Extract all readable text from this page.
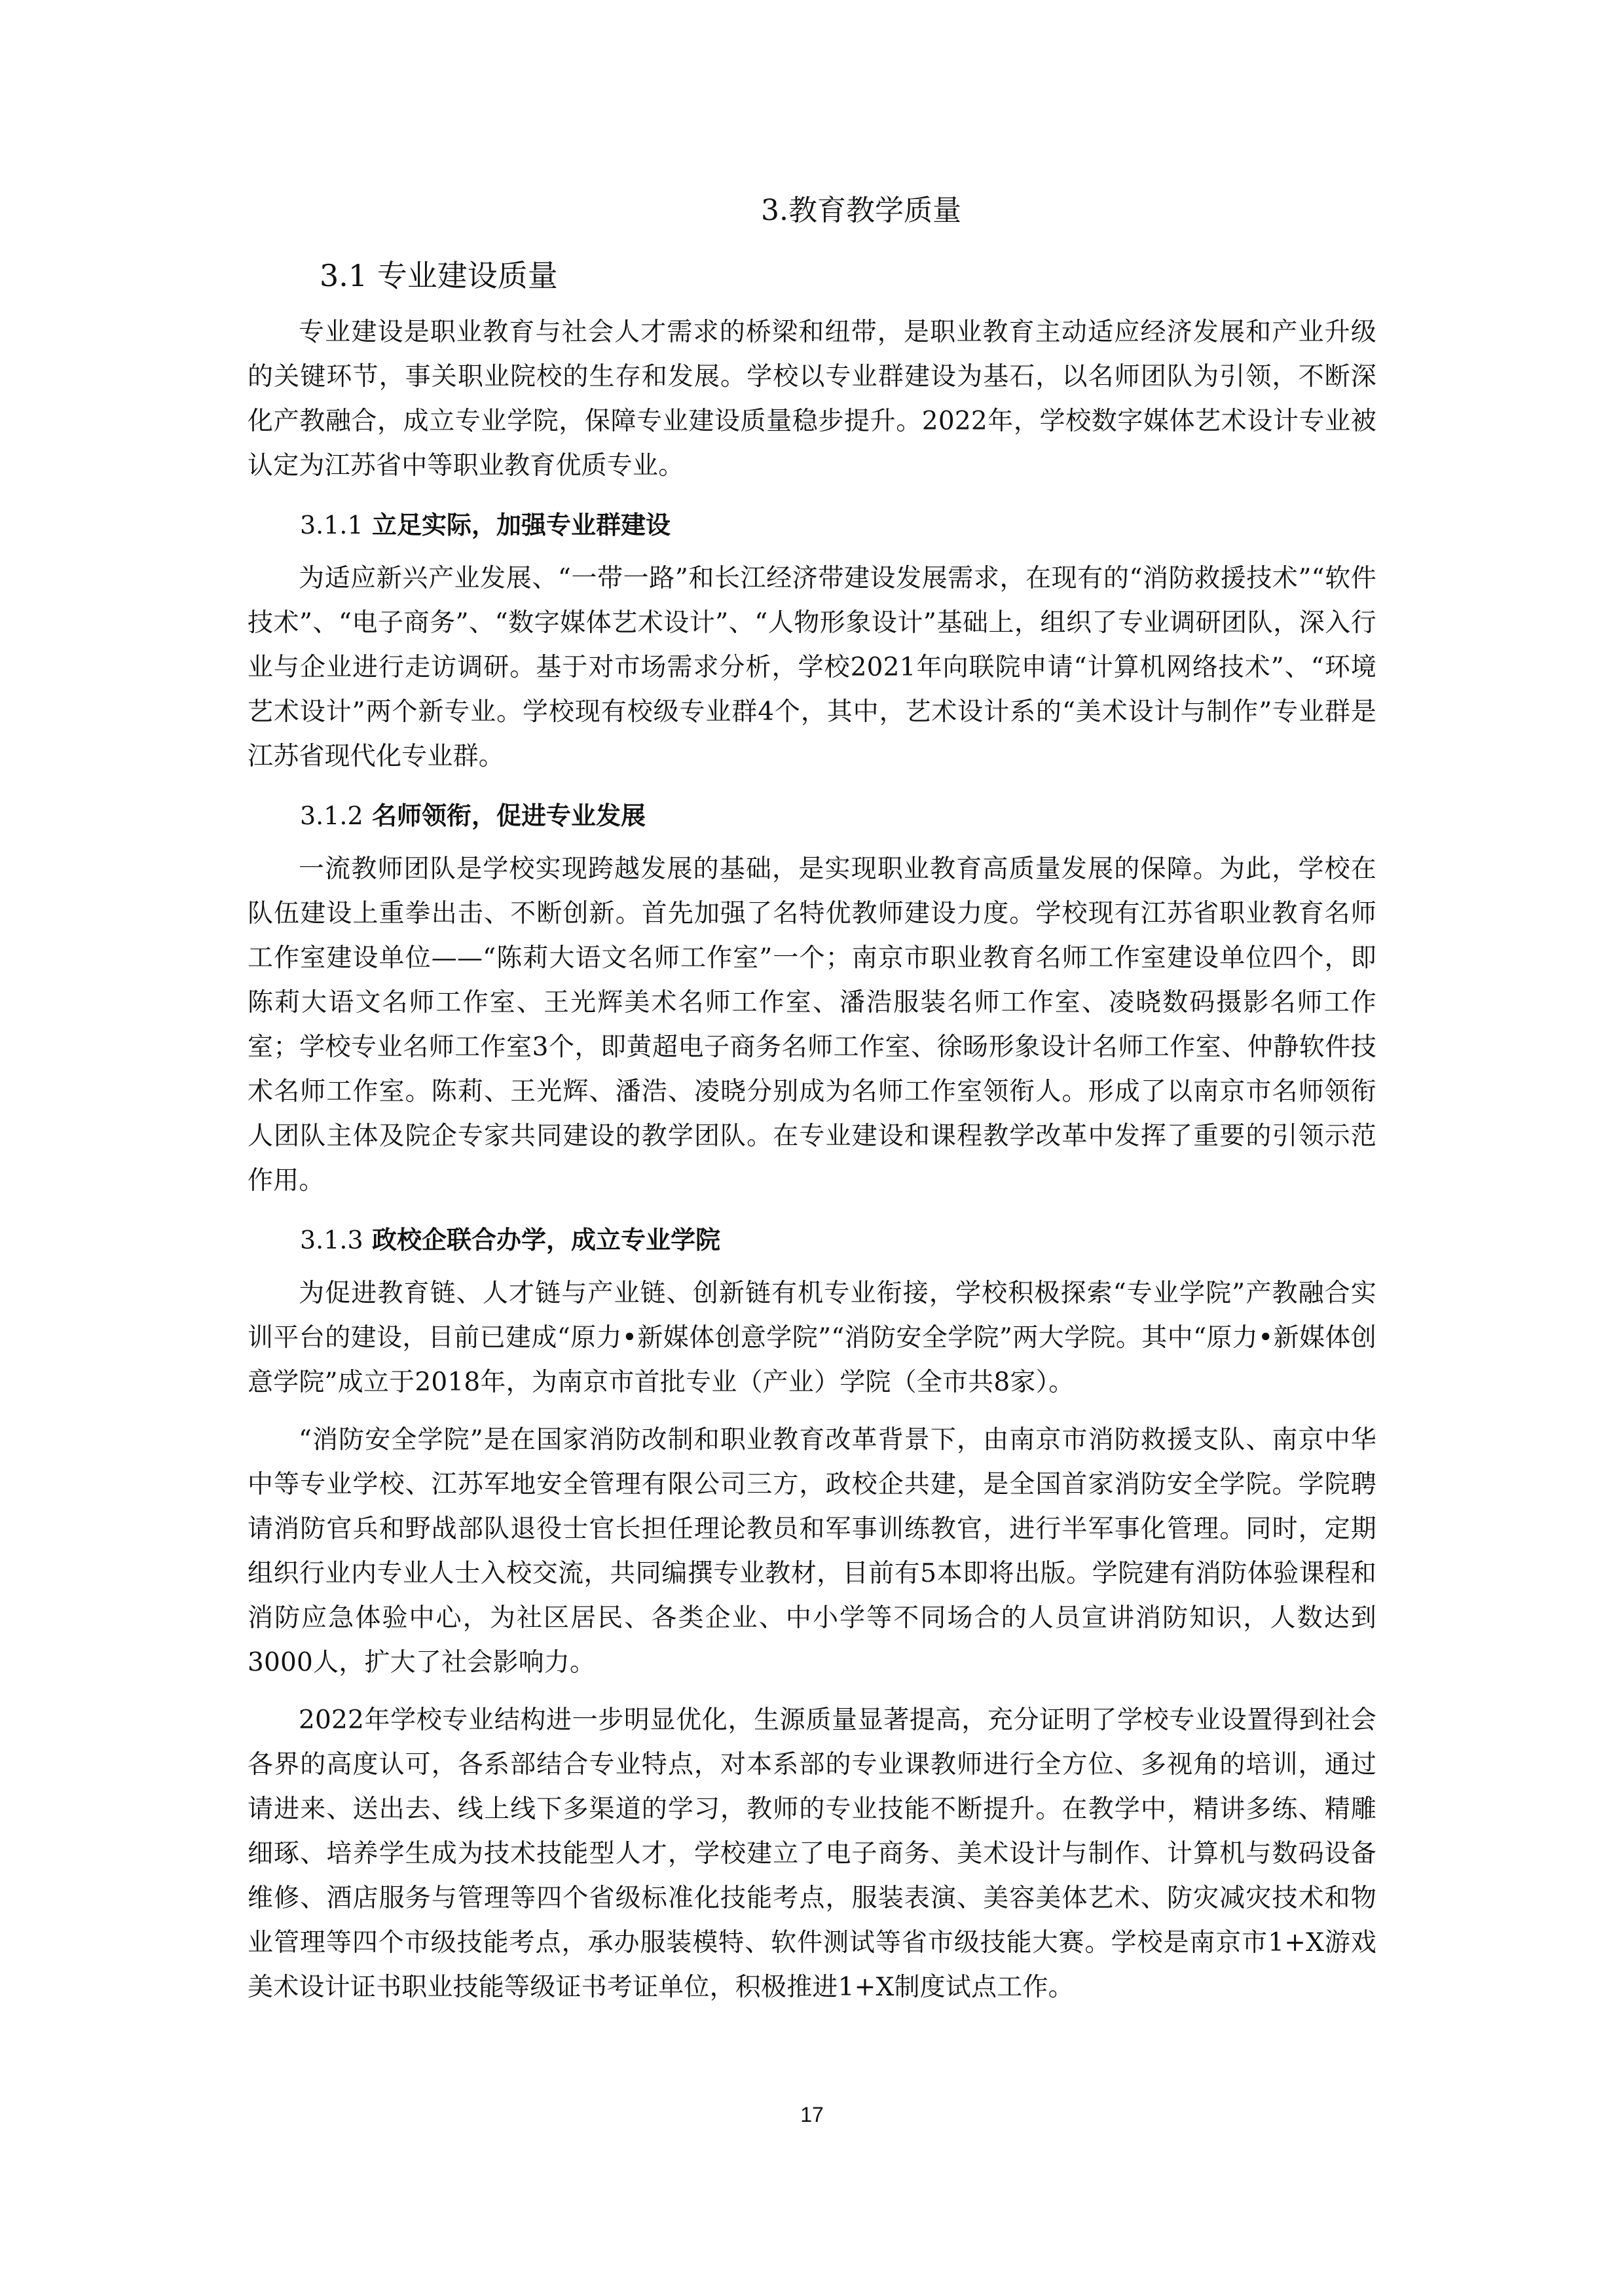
3.教育教学质量
3.1 专业建设质量

专业建设是职业教育与社会人才需求的桥梁和纽带，是职业教育主动适应经济发展和产业升级的关键环节，事关职业院校的生存和发展。学校以专业群建设为基石，以名师团队为引领，不断深化产教融合，成立专业学院，保障专业建设质量稳步提升。2022年，学校数字媒体艺术设计专业被认定为江苏省中等职业教育优质专业。

3.1.1 立足实际，加强专业群建设

为适应新兴产业发展、“一带一路”和长江经济带建设发展需求，在现有的“消防救援技术”“软件技术”、“电子商务”、“数字媒体艺术设计”、“人物形象设计”基础上，组织了专业调研团队，深入行业与企业进行走访调研。基于对市场需求分析，学校2021年向联院申请“计算机网络技术”、“环境艺术设计”两个新专业。学校现有校级专业群4个，其中，艺术设计系的“美术设计与制作”专业群是江苏省现代化专业群。

3.1.2 名师领衔，促进专业发展

一流教师团队是学校实现跨越发展的基础，是实现职业教育高质量发展的保障。为此，学校在队伍建设上重拳出击、不断创新。首先加强了名特优教师建设力度。学校现有江苏省职业教育名师工作室建设单位——“陈莉大语文名师工作室”一个；南京市职业教育名师工作室建设单位四个，即陈莉大语文名师工作室、王光辉美术名师工作室、潘浩服装名师工作室、凌晓数码摄影名师工作室；学校专业名师工作室3个，即黄超电子商务名师工作室、徐旸形象设计名师工作室、仲静软件技术名师工作室。陈莉、王光辉、潘浩、凌晓分别成为名师工作室领衔人。形成了以南京市名师领衔人团队主体及院企专家共同建设的教学团队。在专业建设和课程教学改革中发挥了重要的引领示范作用。

3.1.3 政校企联合办学，成立专业学院

为促进教育链、人才链与产业链、创新链有机专业衔接，学校积极探索“专业学院”产教融合实训平台的建设，目前已建成“原力•新媒体创意学院”“消防安全学院”两大学院。其中“原力•新媒体创意学院”成立于2018年，为南京市首批专业（产业）学院（全市共8家）。

“消防安全学院”是在国家消防改制和职业教育改革背景下，由南京市消防救援支队、南京中华中等专业学校、江苏军地安全管理有限公司三方，政校企共建，是全国首家消防安全学院。学院聘请消防官兵和野战部队退役士官长担任理论教员和军事训练教官，进行半军事化管理。同时，定期组织行业内专业人士入校交流，共同编撰专业教材，目前有5本即将出版。学院建有消防体验课程和消防应急体验中心，为社区居民、各类企业、中小学等不同场合的人员宣讲消防知识，人数达到3000人，扩大了社会影响力。

2022年学校专业结构进一步明显优化，生源质量显著提高，充分证明了学校专业设置得到社会各界的高度认可，各系部结合专业特点，对本系部的专业课教师进行全方位、多视角的培训，通过请进来、送出去、线上线下多渠道的学习，教师的专业技能不断提升。在教学中，精讲多练、精雕细琢、培养学生成为技术技能型人才，学校建立了电子商务、美术设计与制作、计算机与数码设备维修、酒店服务与管理等四个省级标准化技能考点，服装表演、美容美体艺术、防灾减灾技术和物业管理等四个市级技能考点，承办服装模特、软件测试等省市级技能大赛。学校是南京市1+X游戏美术设计证书职业技能等级证书考证单位，积极推进1+X制度试点工作。

17
